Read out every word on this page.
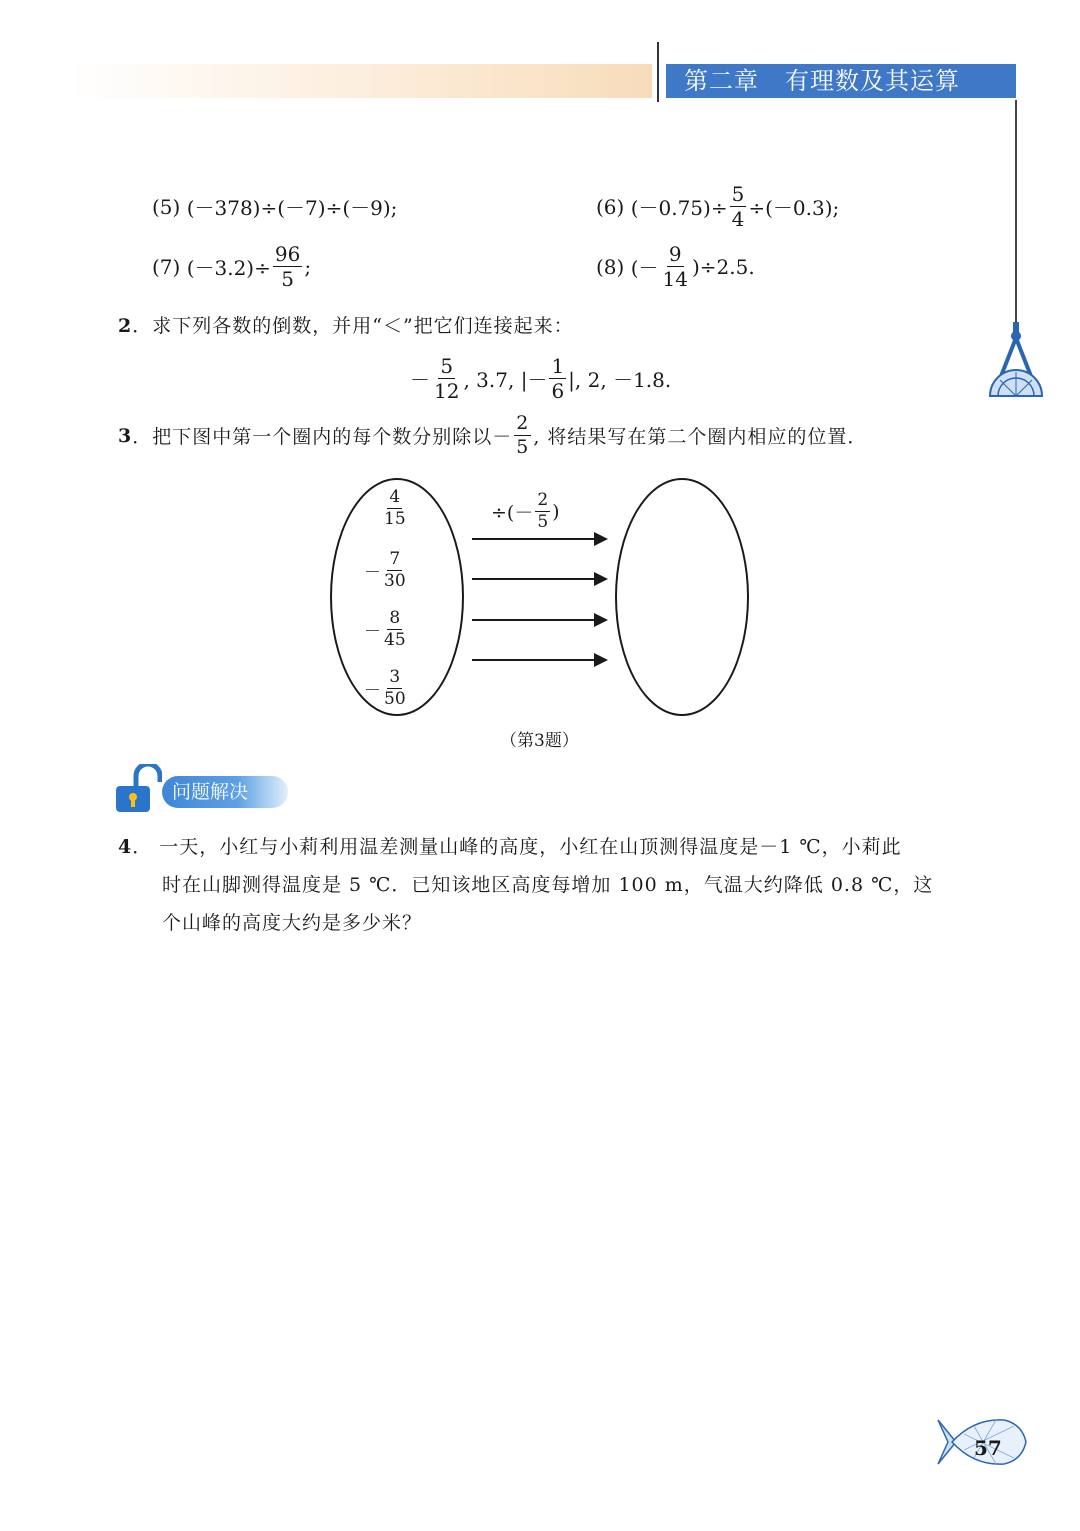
第二章 有理数及其运算
(5)
(－378)÷(－7)÷(－9);	(6)
$(-0.75)\div \frac{5}{4} \div(-0.3)$;
(7)
$(-3.2)\div \frac{96}{5}$ ;	(8)
(－ $\frac{9}{14} )\div 2.5$.
2．求下列各数的倒数，并用“＜”把它们连接起来：
－ $\frac{5}{12}$ , 3.7, |－ $\frac{1}{6}$ |, 2, －1.8.
3 ．把下图中第一个圈内的每个数分别除以－ $\frac{2}{5}$ , 将结果写在第二个圈内相应的位置．
$\frac{4}{15}$
－ $\frac{7}{30}$
－ $\frac{8}{45}$
－ $\frac{3}{50}$
÷(－ $\frac{2}{5}$ )
（第3题）
问题解决
4． 一天，小红与小莉利用温差测量山峰的高度，小红在山顶测得温度是－1 ℃，小莉此
时在山脚测得温度是 5 ℃．已知该地区高度每增加 100 m，气温大约降低 0.8 ℃，这
个山峰的高度大约是多少米？
57
